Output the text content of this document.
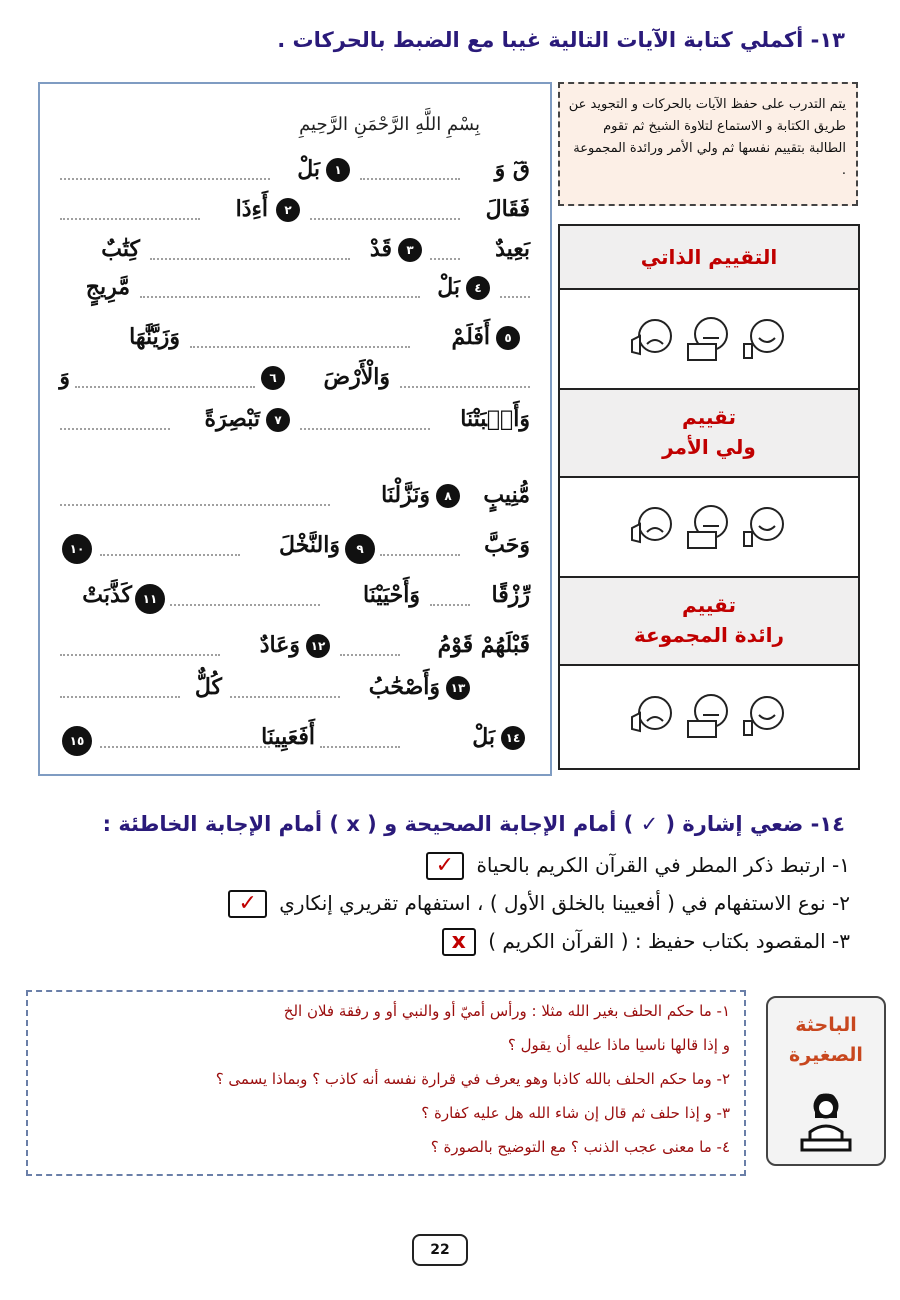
١٣- أكملي كتابة الآيات التالية غيبا مع الضبط بالحركات .
بِسْمِ اللَّهِ الرَّحْمَنِ الرَّحِيمِ
قٓ وَ
١
بَلْ
فَقَالَ
٢
أَءِذَا
بَعِيدٌ
٣
قَدْ
كِتَٰبٌ
٤
بَلْ
مَّرِيجٍ
٥
أَفَلَمْ
وَزَيَّنَّٰهَا
وَالْأَرْضَ
٦
وَ
وَأَنۢبَتْنَا
٧
تَبْصِرَةً
مُّنِيبٍ
٨
وَنَزَّلْنَا
وَحَبَّ
٩
وَالنَّخْلَ
١٠
رِّزْقًا
وَأَحْيَيْنَا
١١
كَذَّبَتْ
قَبْلَهُمْ قَوْمُ
١٢
وَعَادٌ
١٣
وَأَصْحَٰبُ
كُلٌّ
١٤
بَلْ
أَفَعَيِينَا
١٥
يتم التدرب على حفظ الآيات بالحركات و التجويد عن طريق الكتابة و الاستماع لتلاوة الشيخ ثم تقوم الطالبة بتقييم نفسها ثم ولي الأمر ورائدة المجموعة .
التقييم الذاتي
تقييم
ولي الأمر
تقييم
رائدة المجموعة
١٤- ضعي إشارة ( ✓ ) أمام الإجابة الصحيحة و ( x ) أمام الإجابة الخاطئة :
١- ارتبط ذكر المطر في القرآن الكريم بالحياة ✓
٢- نوع الاستفهام في ( أفعيينا بالخلق الأول ) ، استفهام تقريري إنكاري ✓
٣- المقصود بكتاب حفيظ : ( القرآن الكريم ) x
الباحثة
الصغيرة
١- ما حكم الحلف بغير الله مثلا : ورأس أميّ أو والنبي أو و رفقة فلان الخ
و إذا قالها ناسيا ماذا عليه أن يقول ؟
٢- وما حكم الحلف بالله كاذبا وهو يعرف في قرارة نفسه أنه كاذب ؟ وبماذا يسمى ؟
٣- و إذا حلف ثم قال إن شاء الله هل عليه كفارة ؟
٤- ما معنى عجب الذنب ؟ مع التوضيح بالصورة ؟
22
